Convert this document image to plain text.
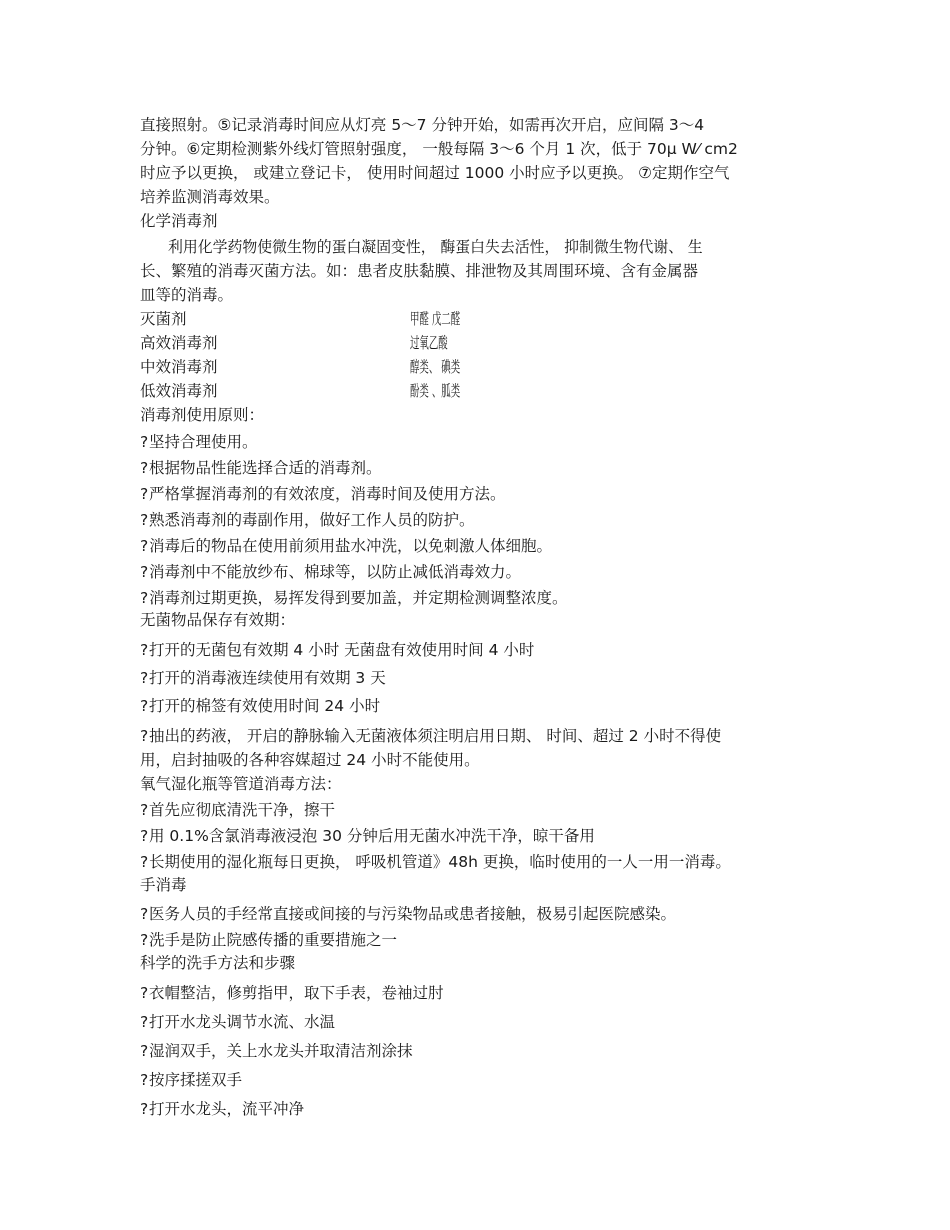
直接照射。⑤记录消毒时间应从灯亮 5～7 分钟开始，如需再次开启，应间隔 3～4
分钟。⑥定期检测紫外线灯管照射强度， 一般每隔 3～6 个月 1 次，低于 70μ W⁄ cm2
时应予以更换， 或建立登记卡， 使用时间超过 1000 小时应予以更换。 ⑦定期作空气
培养监测消毒效果。
化学消毒剂
利用化学药物使微生物的蛋白凝固变性， 酶蛋白失去活性， 抑制微生物代谢、 生
长、繁殖的消毒灭菌方法。如：患者皮肤黏膜、排泄物及其周围环境、含有金属器
皿等的消毒。
灭菌剂	甲醛 戊二醛
高效消毒剂	过氧乙酸
中效消毒剂	醇类、 碘类
低效消毒剂	酚类 、胍类
消毒剂使用原则：
?坚持合理使用。
?根据物品性能选择合适的消毒剂。
?严格掌握消毒剂的有效浓度，消毒时间及使用方法。
?熟悉消毒剂的毒副作用，做好工作人员的防护。
?消毒后的物品在使用前须用盐水冲洗，以免刺激人体细胞。
?消毒剂中不能放纱布、棉球等，以防止减低消毒效力。
?消毒剂过期更换，易挥发得到要加盖，并定期检测调整浓度。
无菌物品保存有效期：
?打开的无菌包有效期 4 小时 无菌盘有效使用时间 4 小时
?打开的消毒液连续使用有效期 3 天
?打开的棉签有效使用时间 24 小时
?抽出的药液， 开启的静脉输入无菌液体须注明启用日期、 时间、超过 2 小时不得使
用，启封抽吸的各种容媒超过 24 小时不能使用。
氧气湿化瓶等管道消毒方法：
?首先应彻底清洗干净，擦干
?用 0.1%含氯消毒液浸泡 30 分钟后用无菌水冲洗干净，晾干备用
?长期使用的湿化瓶每日更换， 呼吸机管道》48h 更换，临时使用的一人一用一消毒。
手消毒
?医务人员的手经常直接或间接的与污染物品或患者接触，极易引起医院感染。
?洗手是防止院感传播的重要措施之一
科学的洗手方法和步骤
?衣帽整洁，修剪指甲，取下手表，卷袖过肘
?打开水龙头调节水流、水温
?湿润双手，关上水龙头并取清洁剂涂抹
?按序揉搓双手
?打开水龙头，流平冲净
